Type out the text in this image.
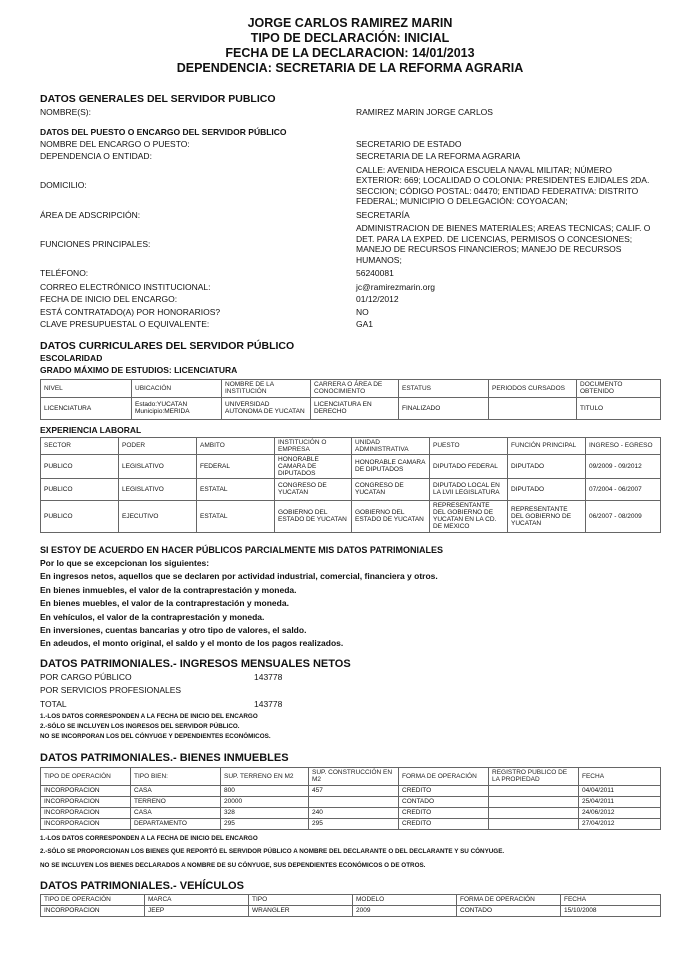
JORGE CARLOS RAMIREZ MARIN
TIPO DE DECLARACIÓN: INICIAL
FECHA DE LA DECLARACION: 14/01/2013
DEPENDENCIA: SECRETARIA DE LA REFORMA AGRARIA
DATOS GENERALES DEL SERVIDOR PUBLICO
NOMBRE(S):	RAMIREZ MARIN JORGE CARLOS
DATOS DEL PUESTO O ENCARGO DEL SERVIDOR PÚBLICO
NOMBRE DEL ENCARGO O PUESTO:	SECRETARIO DE ESTADO
DEPENDENCIA O ENTIDAD:	SECRETARIA DE LA REFORMA AGRARIA
DOMICILIO:
CALLE: AVENIDA HEROICA ESCUELA NAVAL MILITAR; NÚMERO EXTERIOR: 669; LOCALIDAD O COLONIA: PRESIDENTES EJIDALES 2DA. SECCION; CÓDIGO POSTAL: 04470; ENTIDAD FEDERATIVA: DISTRITO FEDERAL; MUNICIPIO O DELEGACIÓN: COYOACAN;
ÁREA DE ADSCRIPCIÓN:	SECRETARÍA
FUNCIONES PRINCIPALES:
ADMINISTRACION DE BIENES MATERIALES; AREAS TECNICAS; CALIF. O DET. PARA LA EXPED. DE LICENCIAS, PERMISOS O CONCESIONES; MANEJO DE RECURSOS FINANCIEROS; MANEJO DE RECURSOS HUMANOS;
TELÉFONO:	56240081
CORREO ELECTRÓNICO INSTITUCIONAL:	jc@ramirezmarin.org
FECHA DE INICIO DEL ENCARGO:	01/12/2012
ESTÁ CONTRATADO(A) POR HONORARIOS?	NO
CLAVE PRESUPUESTAL O EQUIVALENTE:	GA1
DATOS CURRICULARES DEL SERVIDOR PÚBLICO
ESCOLARIDAD
GRADO MÁXIMO DE ESTUDIOS: LICENCIATURA
NIVEL	UBICACIÓN	NOMBRE DE LA INSTITUCIÓN	CARRERA O ÁREA DE CONOCIMIENTO	ESTATUS	PERIODOS CURSADOS	DOCUMENTO OBTENIDO
LICENCIATURA	Estado:YUCATAN Municipio:MERIDA	UNIVERSIDAD AUTONOMA DE YUCATAN	LICENCIATURA EN DERECHO	FINALIZADO		TITULO
EXPERIENCIA LABORAL
SECTOR	PODER	AMBITO	INSTITUCIÓN O EMPRESA	UNIDAD ADMINISTRATIVA	PUESTO	FUNCIÓN PRINCIPAL	INGRESO - EGRESO
PUBLICO	LEGISLATIVO	FEDERAL	HONORABLE CAMARA DE DIPUTADOS	HONORABLE CAMARA DE DIPUTADOS	DIPUTADO FEDERAL	DIPUTADO	09/2009 - 09/2012
PUBLICO	LEGISLATIVO	ESTATAL	CONGRESO DE YUCATAN	CONGRESO DE YUCATAN	DIPUTADO LOCAL EN LA LVII LEGISLATURA	DIPUTADO	07/2004 - 06/2007
PUBLICO	EJECUTIVO	ESTATAL	GOBIERNO DEL ESTADO DE YUCATAN	GOBIERNO DEL ESTADO DE YUCATAN	REPRESENTANTE DEL GOBIERNO DE YUCATAN EN LA CD. DE MEXICO	REPRESENTANTE DEL GOBIERNO DE YUCATAN	06/2007 - 08/2009
SI ESTOY DE ACUERDO EN HACER PÚBLICOS PARCIALMENTE MIS DATOS PATRIMONIALES
Por lo que se excepcionan los siguientes:
En ingresos netos, aquellos que se declaren por actividad industrial, comercial, financiera y otros.
En bienes inmuebles, el valor de la contraprestación y moneda.
En bienes muebles, el valor de la contraprestación y moneda.
En vehículos, el valor de la contraprestación y moneda.
En inversiones, cuentas bancarias y otro tipo de valores, el saldo.
En adeudos, el monto original, el saldo y el monto de los pagos realizados.
DATOS PATRIMONIALES.- INGRESOS MENSUALES NETOS
POR CARGO PÚBLICO	143778
POR SERVICIOS PROFESIONALES
TOTAL	143778
1.-LOS DATOS CORRESPONDEN A LA FECHA DE INICIO DEL ENCARGO
2.-SÓLO SE INCLUYEN LOS INGRESOS DEL SERVIDOR PÚBLICO.
NO SE INCORPORAN LOS DEL CÓNYUGE Y DEPENDIENTES ECONÓMICOS.
DATOS PATRIMONIALES.- BIENES INMUEBLES
TIPO DE OPERACIÓN	TIPO BIEN:	SUP. TERRENO EN M2	SUP. CONSTRUCCIÓN EN M2	FORMA DE OPERACIÓN	REGISTRO PUBLICO DE LA PROPIEDAD	FECHA
INCORPORACION	CASA	800	457	CREDITO		04/04/2011
INCORPORACION	TERRENO	20000		CONTADO		25/04/2011
INCORPORACION	CASA	328	240	CREDITO		24/06/2012
INCORPORACION	DEPARTAMENTO	295	295	CREDITO		27/04/2012
1.-LOS DATOS CORRESPONDEN A LA FECHA DE INICIO DEL ENCARGO
2.-SÓLO SE PROPORCIONAN LOS BIENES QUE REPORTÓ EL SERVIDOR PÚBLICO A NOMBRE DEL DECLARANTE O DEL DECLARANTE Y SU CÓNYUGE.
NO SE INCLUYEN LOS BIENES DECLARADOS A NOMBRE DE SU CÓNYUGE, SUS DEPENDIENTES ECONÓMICOS O DE OTROS.
DATOS PATRIMONIALES.- VEHÍCULOS
TIPO DE OPERACIÓN	MARCA	TIPO	MODELO	FORMA DE OPERACIÓN	FECHA
INCORPORACION	JEEP	WRANGLER	2009	CONTADO	15/10/2008
